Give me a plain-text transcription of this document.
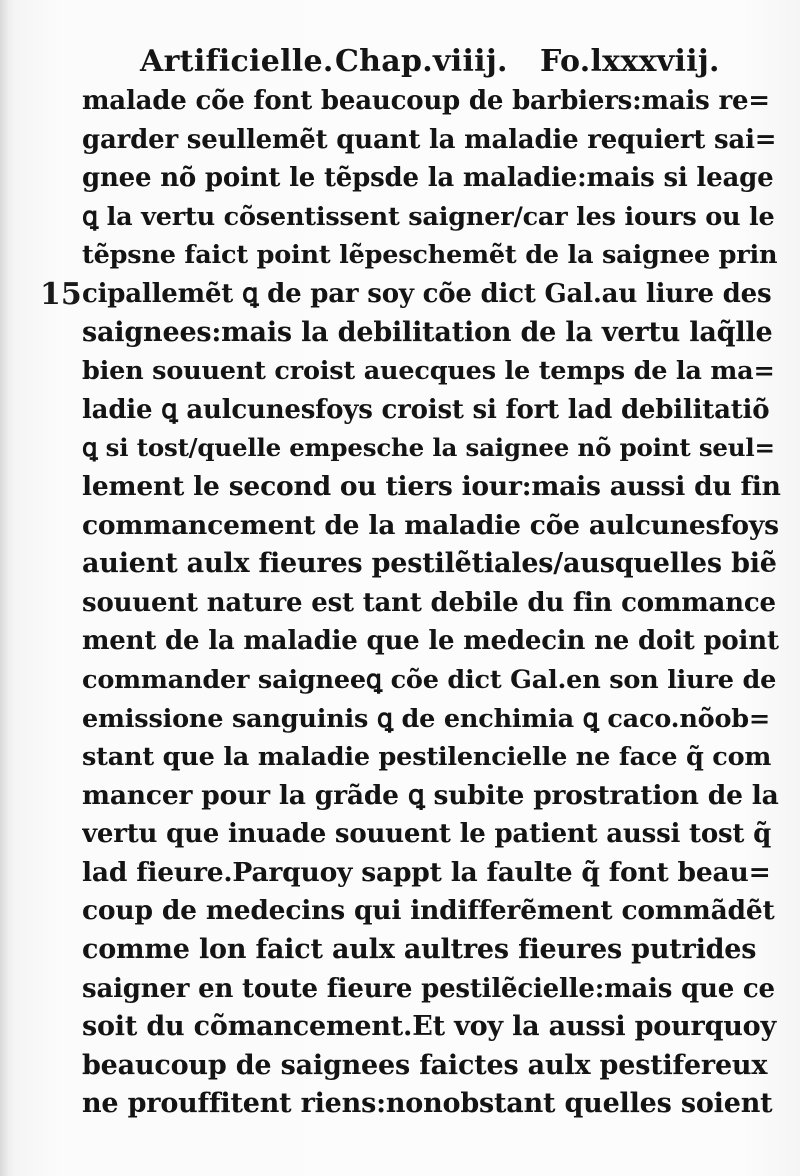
Artificielle. Chap.viiij. Fo.lxxxviij.
15
malade cõe font beaucoup de barbiers:mais re=
garder seullemẽt quant la maladie requiert sai=
gnee nõ point le tẽpsde la maladie:mais si leage
ꝗ la vertu cõsentissent saigner/car les iours ou le
tẽpsne faict point lẽpeschemẽt de la saignee prin
cipallemẽt ꝗ de par soy cõe dict Gal.au liure des
saignees:mais la debilitation de la vertu laq̃lle
bien souuent croist auecques le temps de la ma=
ladie ꝗ aulcunesfoys croist si fort lad debilitatiõ
ꝗ si tost/quelle empesche la saignee nõ point seul=
lement le second ou tiers iour:mais aussi du fin
commancement de la maladie cõe aulcunesfoys
auient aulx fieures pestilẽtiales/ausquelles biẽ
souuent nature est tant debile du fin commance
ment de la maladie que le medecin ne doit point
commander saigneeꝗ cõe dict Gal.en son liure de
emissione sanguinis ꝗ de enchimia ꝗ caco.nõob=
stant que la maladie pestilencielle ne face q̃ com
mancer pour la grãde ꝗ subite prostration de la
vertu que inuade souuent le patient aussi tost q̃
lad fieure.Parquoy sappt la faulte q̃ font beau=
coup de medecins qui indifferẽment commãdẽt
comme lon faict aulx aultres fieures putrides
saigner en toute fieure pestilẽcielle:mais que ce
soit du cõmancement.Et voy la aussi pourquoy
beaucoup de saignees faictes aulx pestifereux
ne prouffitent riens:nonobstant quelles soient
